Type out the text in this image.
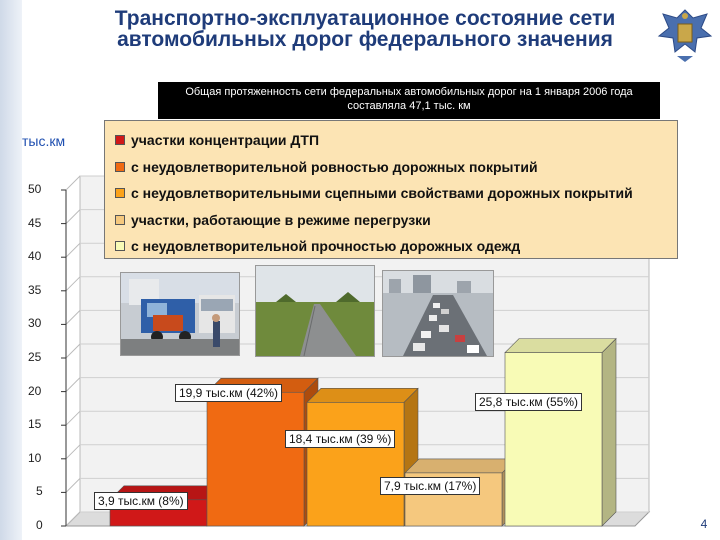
Транспортно-эксплуатационное состояние сети автомобильных дорог федерального значения
Общая протяженность сети федеральных автомобильных дорог на 1 января 2006 года составляла 47,1 тыс. км
тыс.км
0
5
10
15
20
25
30
35
40
45
50
участки концентрации ДТП
с неудовлетворительной ровностью дорожных покрытий
с неудовлетворительными сцепными свойствами дорожных покрытий
участки, работающие в режиме перегрузки
с неудовлетворительной прочностью дорожных одежд
4
3,9 тыс.км (8%)
19,9 тыс.км (42%)
18,4 тыс.км (39 %)
7,9 тыс.км (17%)
25,8 тыс.км (55%)
